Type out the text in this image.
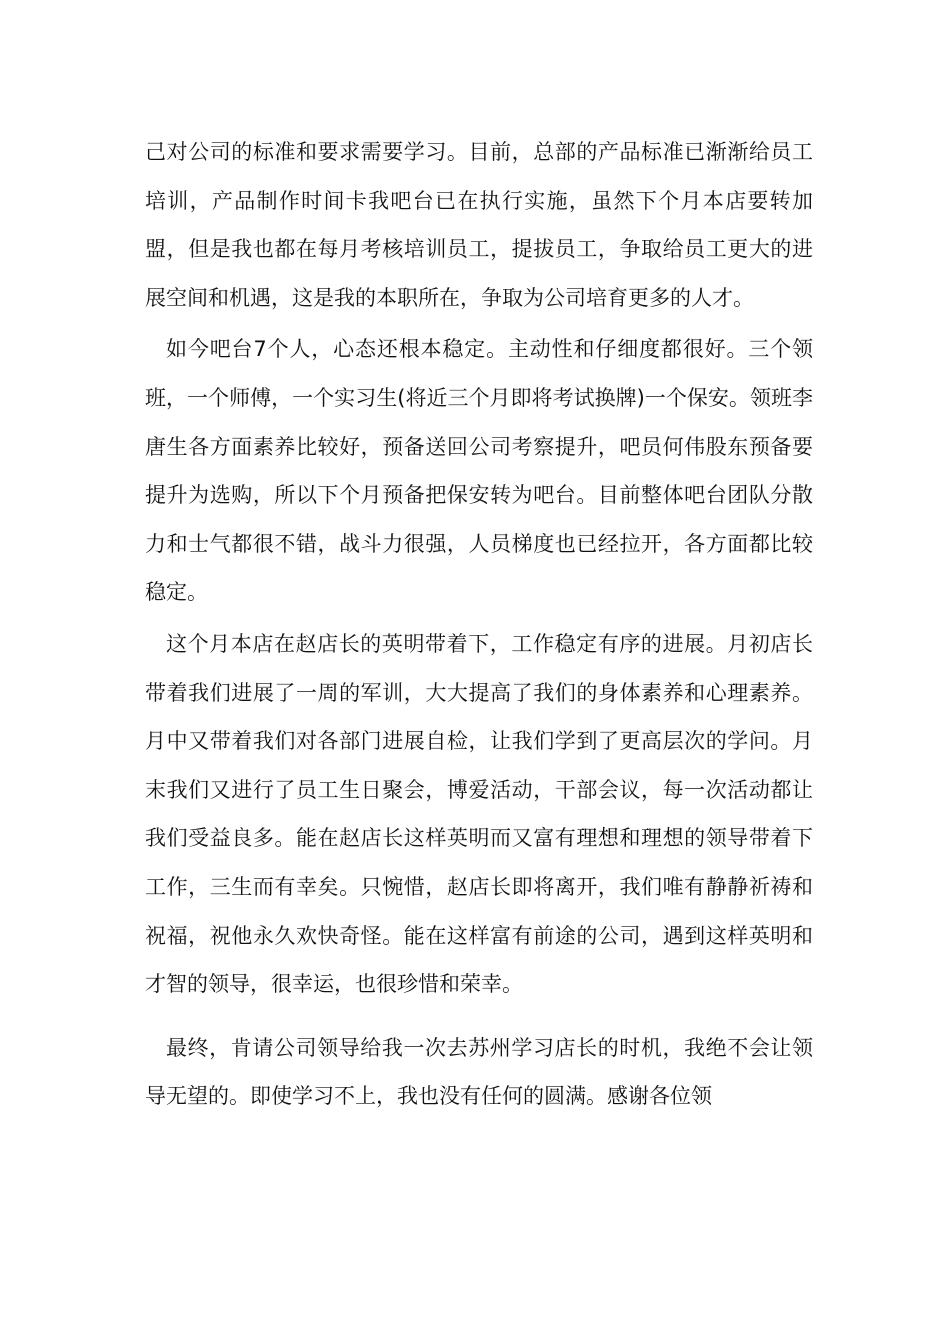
己对公司的标准和要求需要学习。目前，总部的产品标准已渐渐给员工培训，产品制作时间卡我吧台已在执行实施，虽然下个月本店要转加盟，但是我也都在每月考核培训员工，提拔员工，争取给员工更大的进展空间和机遇，这是我的本职所在，争取为公司培育更多的人才。

如今吧台7个人，心态还根本稳定。主动性和仔细度都很好。三个领班，一个师傅，一个实习生(将近三个月即将考试换牌)一个保安。领班李唐生各方面素养比较好，预备送回公司考察提升，吧员何伟股东预备要提升为选购，所以下个月预备把保安转为吧台。目前整体吧台团队分散力和士气都很不错，战斗力很强，人员梯度也已经拉开，各方面都比较稳定。

这个月本店在赵店长的英明带着下，工作稳定有序的进展。月初店长带着我们进展了一周的军训，大大提高了我们的身体素养和心理素养。月中又带着我们对各部门进展自检，让我们学到了更高层次的学问。月末我们又进行了员工生日聚会，博爱活动，干部会议，每一次活动都让我们受益良多。能在赵店长这样英明而又富有理想和理想的领导带着下工作，三生而有幸矣。只惋惜，赵店长即将离开，我们唯有静静祈祷和祝福，祝他永久欢快奇怪。能在这样富有前途的公司，遇到这样英明和才智的领导，很幸运，也很珍惜和荣幸。

最终，肯请公司领导给我一次去苏州学习店长的时机，我绝不会让领导无望的。即使学习不上，我也没有任何的圆满。感谢各位领
